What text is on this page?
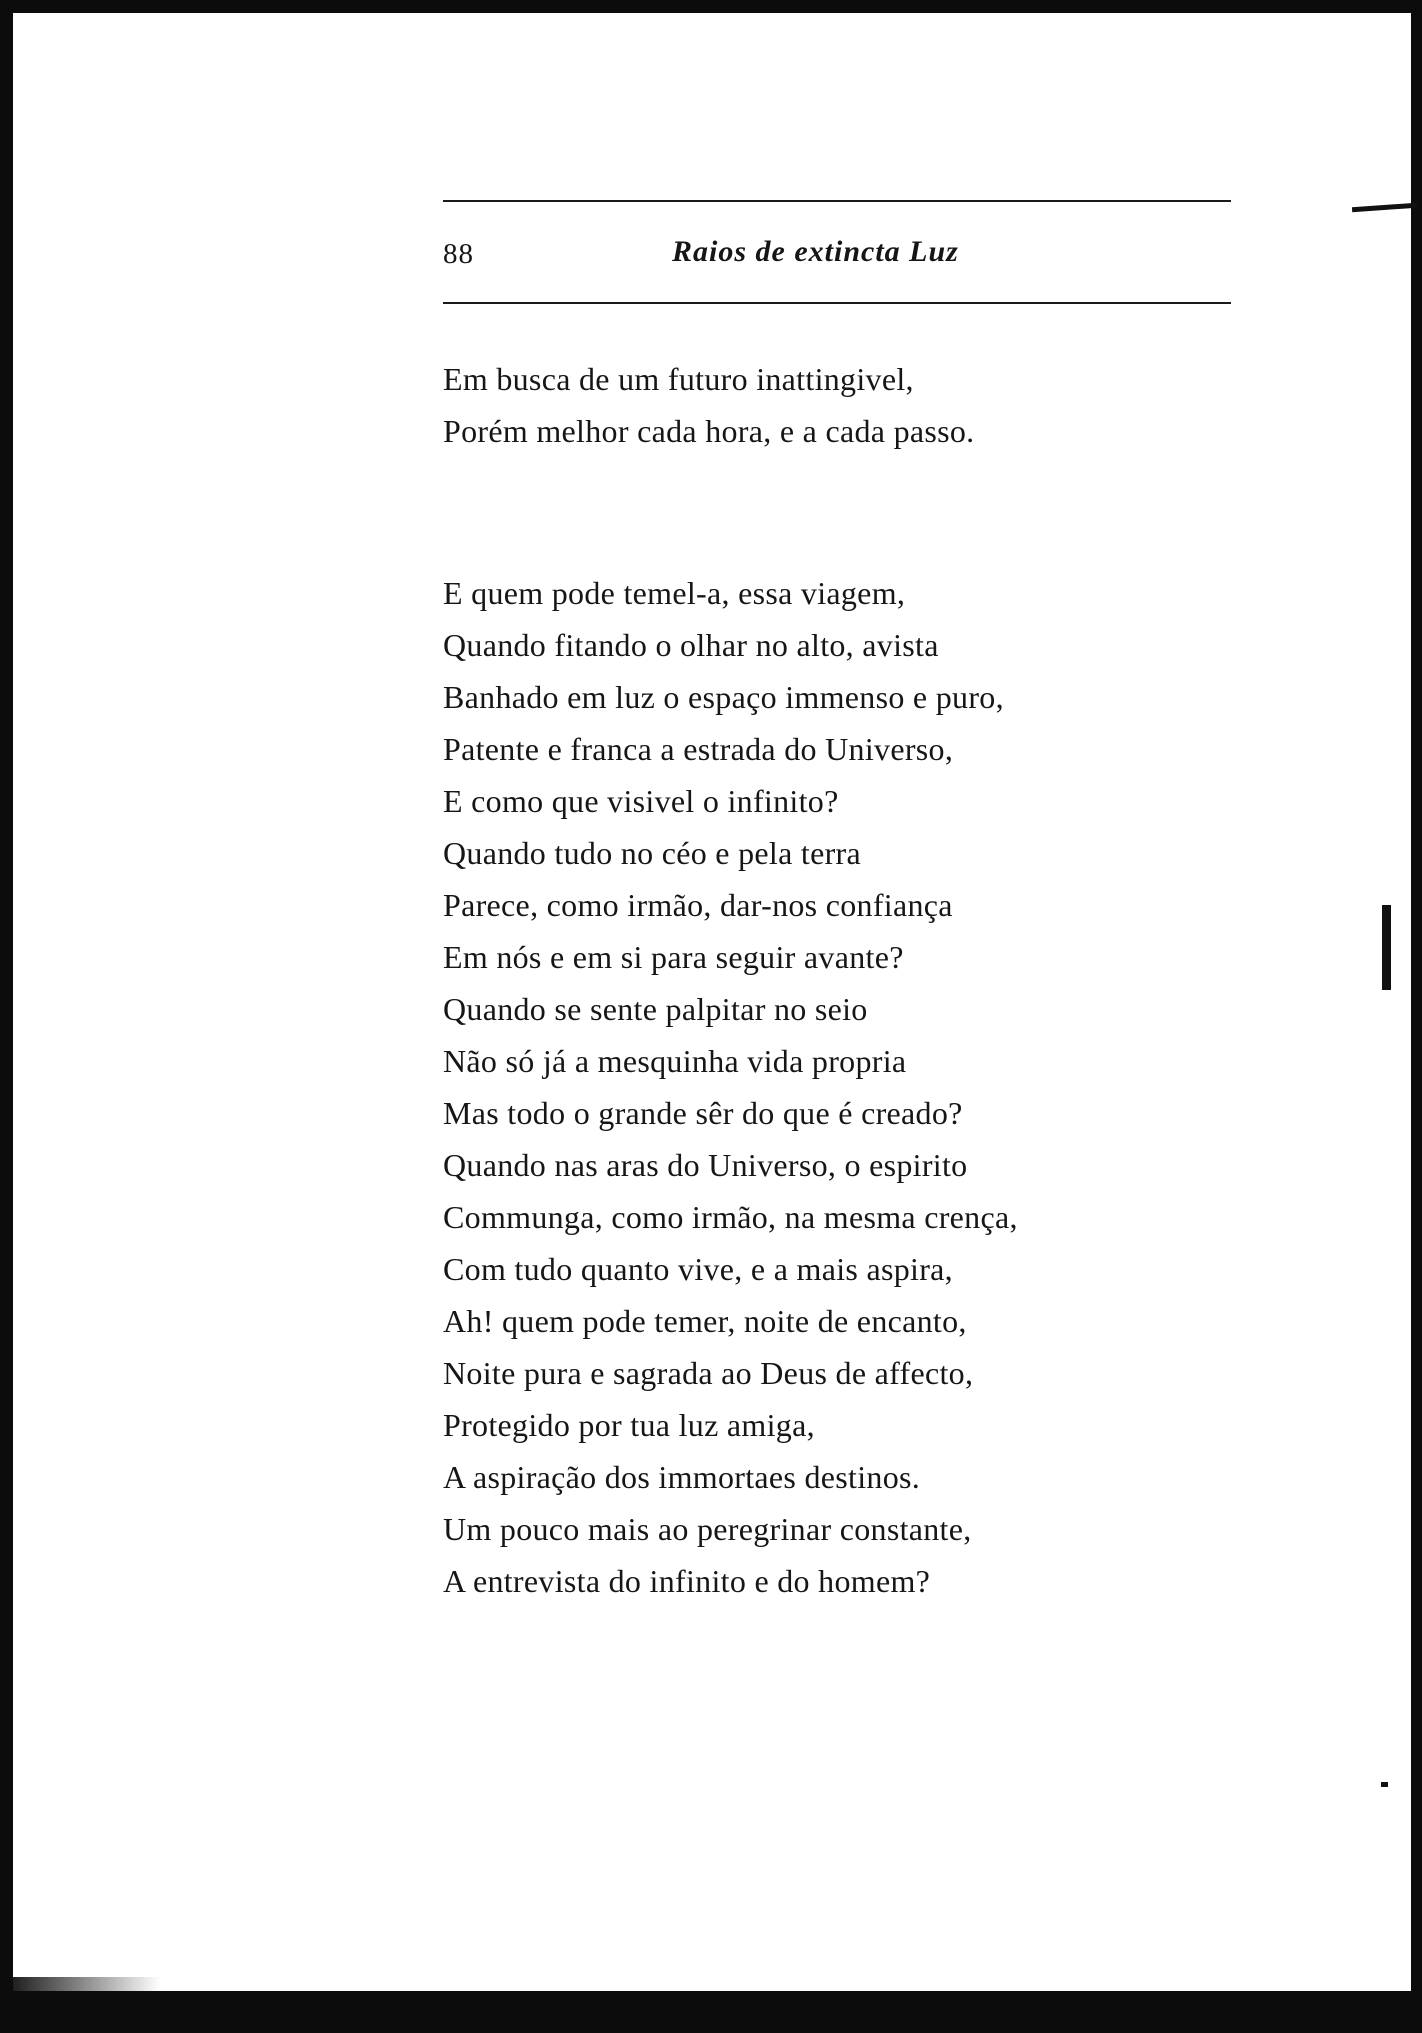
88	Raios de extincta Luz
Em busca de um futuro inattingivel,
Porém melhor cada hora, e a cada passo.
E quem pode temel-a, essa viagem,
Quando fitando o olhar no alto, avista
Banhado em luz o espaço immenso e puro,
Patente e franca a estrada do Universo,
E como que visivel o infinito?
Quando tudo no céo e pela terra
Parece, como irmão, dar-nos confiança
Em nós e em si para seguir avante?
Quando se sente palpitar no seio
Não só já a mesquinha vida propria
Mas todo o grande sêr do que é creado?
Quando nas aras do Universo, o espirito
Communga, como irmão, na mesma crença,
Com tudo quanto vive, e a mais aspira,
Ah! quem pode temer, noite de encanto,
Noite pura e sagrada ao Deus de affecto,
Protegido por tua luz amiga,
A aspiração dos immortaes destinos.
Um pouco mais ao peregrinar constante,
A entrevista do infinito e do homem?
